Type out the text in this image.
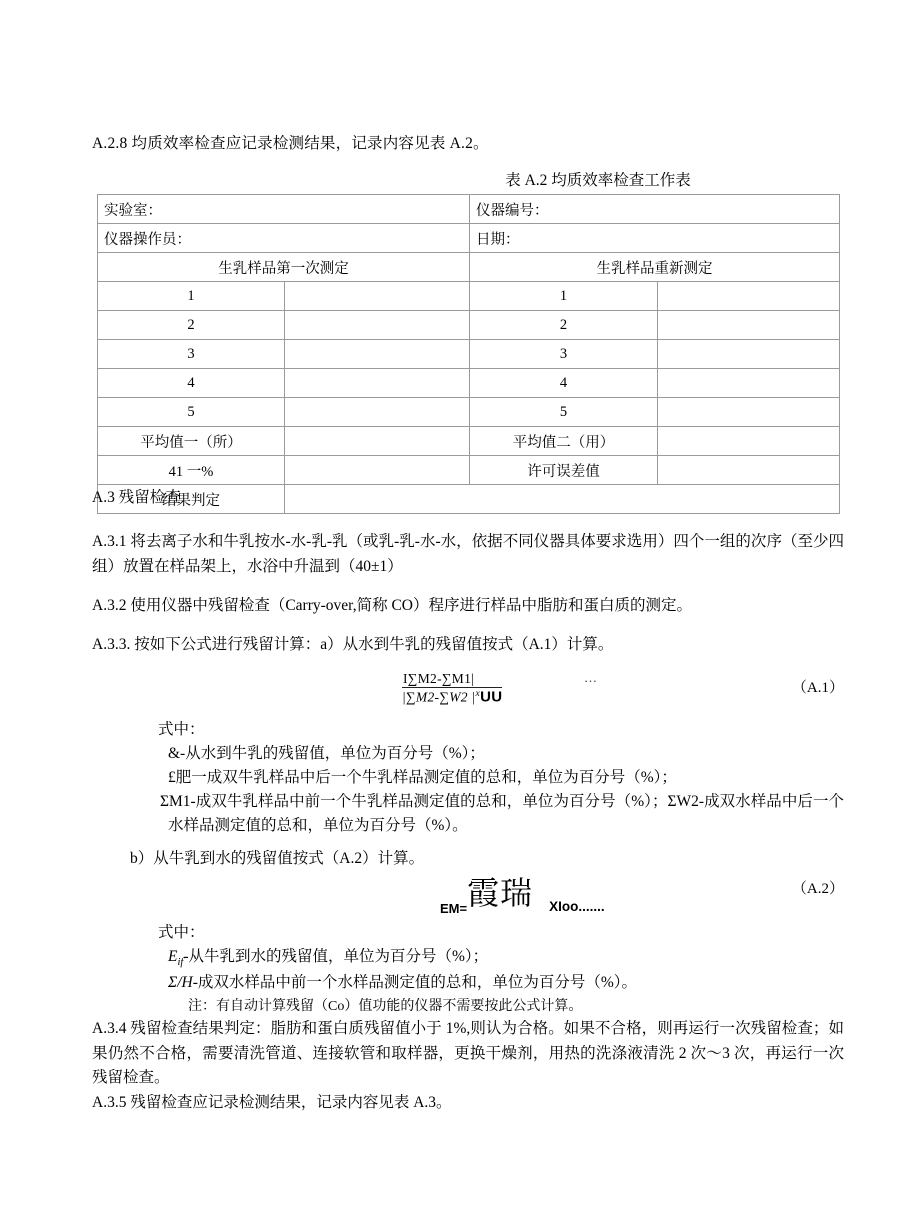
A.2.8 均质效率检查应记录检测结果，记录内容见表 A.2。
表 A.2 均质效率检查工作表
实验室：		仪器编号：	
仪器操作员：		日期：	
生乳样品第一次测定		生乳样品重新测定	
1		1	
2		2	
3		3	
4		4	
5		5	
平均值一（所）		平均值二（用）	
41 一%		许可误差值	
结果判定			
A.3 残留检查
A.3.1 将去离子水和牛乳按水-水-乳-乳（或乳-乳-水-水，依据不同仪器具体要求选用）四个一组的次序（至少四组）放置在样品架上，水浴中升温到（40±1）
A.3.2 使用仪器中残留检查（Carry-over,简称 CO）程序进行样品中脂肪和蛋白质的测定。
A.3.3. 按如下公式进行残留计算：a）从水到牛乳的残留值按式（A.1）计算。
I∑M2-∑M1|
|∑M2-∑W2 $|^xUU$
…
（A.1）
式中：
&-从水到牛乳的残留值，单位为百分号（%）；
£肥一成双牛乳样品中后一个牛乳样品测定值的总和，单位为百分号（%）；
ΣM1-成双牛乳样品中前一个牛乳样品测定值的总和，单位为百分号（%）；ΣW2-成双水样品中后一个水样品测定值的总和，单位为百分号（%）。
b）从牛乳到水的残留值按式（A.2）计算。
$_{EM=}$霞瑞 $_{XIoo.......}$
（A.2）
式中：
$E_{if}-$从牛乳到水的残留值，单位为百分号（%）；
Σ/H-成双水样品中前一个水样品测定值的总和，单位为百分号（%）。
注：有自动计算残留（Co）值功能的仪器不需要按此公式计算。
A.3.4 残留检查结果判定：脂肪和蛋白质残留值小于 1%,则认为合格。如果不合格，则再运行一次残留检查；如果仍然不合格，需要清洗管道、连接软管和取样器，更换干燥剂，用热的洗涤液清洗 2 次～3 次，再运行一次残留检查。
A.3.5 残留检查应记录检测结果，记录内容见表 A.3。
